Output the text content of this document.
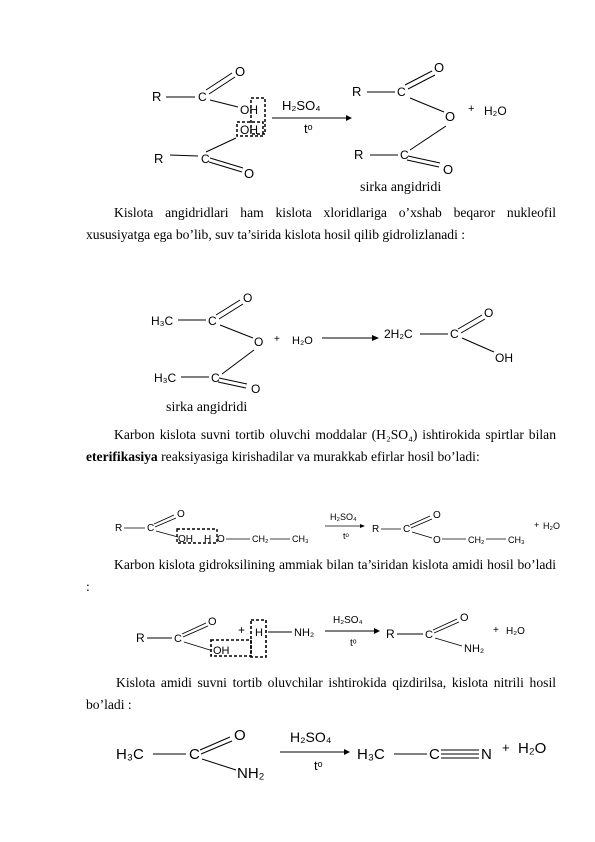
R	C
O
OH
OH
R	C
O
H₂SO₄
tᵒ
R	C
O
O + H₂O
R	C
O
sirka angidridi

Kislota angidridlari ham kislota xloridlariga o’xshab beqaror nukleofil xususiyatga ega bo’lib, suv ta’sirida kislota hosil qilib gidrolizlanadi :

H₃C	C
O
O + H₂O
H₃C	C
O
sirka angidridi
2H₂C	C
O
OH

Karbon kislota suvni tortib oluvchi moddalar (H₂SO₄) ishtirokida spirtlar bilan eterifikasiya reaksiyasiga kirishadilar va murakkab efirlar hosil bo’ladi:

R C
O
OH H O	CH₂	CH₃
H₂SO₄
tᵒ
R C
O
O	CH₂	CH₃
+ H₂O

Karbon kislota gidroksilining ammiak bilan ta’siridan kislota amidi hosil bo’ladi :

R	C
O
OH
+ H	NH₂
H₂SO₄
tᵒ
R	C
O
NH₂
+ H₂O

Kislota amidi suvni tortib oluvchilar ishtirokida qizdirilsa, kislota nitrili hosil bo’ladi :

H₃C	C
O
NH₂
H₂SO₄
tᵒ
H₃C	C	N + H₂O
